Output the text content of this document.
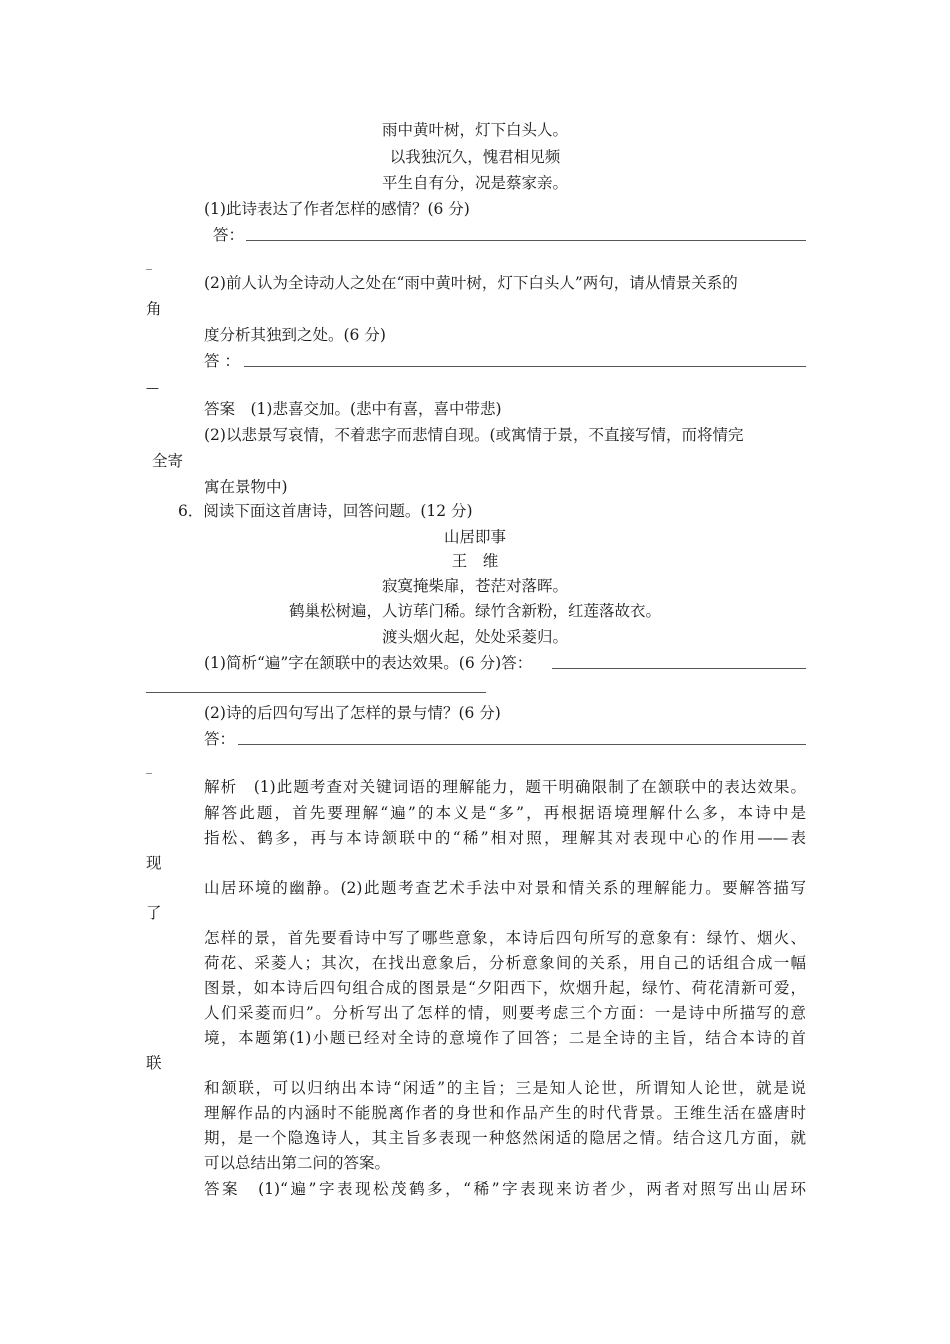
雨中黄叶树，灯下白头人。
以我独沉久，愧君相见频
平生自有分，况是蔡家亲。
(1)此诗表达了作者怎样的感情？(6 分)
答：
_
(2)前人认为全诗动人之处在“雨中黄叶树，灯下白头人”两句，请从情景关系的
角
度分析其独到之处。(6 分)
答 ：
—
答案　(1)悲喜交加。(悲中有喜，喜中带悲)
(2)以悲景写哀情，不着悲字而悲情自现。(或寓情于景，不直接写情，而将情完
全寄
寓在景物中)
6．阅读下面这首唐诗，回答问题。(12 分)
山居即事
王　维
寂寞掩柴扉，苍茫对落晖。
鹤巢松树遍，人访荜门稀。绿竹含新粉，红莲落故衣。
渡头烟火起，处处采菱归。
(1)简析“遍”字在颔联中的表达效果。(6 分)答：
(2)诗的后四句写出了怎样的景与情？(6 分)
答：
_
解析　(1)此题考查对关键词语的理解能力，题干明确限制了在颔联中的表达效果。
解答此题，首先要理解“遍”的本义是“多”，再根据语境理解什么多，本诗中是
指松、鹤多，再与本诗颔联中的“稀”相对照，理解其对表现中心的作用——表
现
山居环境的幽静。(2)此题考查艺术手法中对景和情关系的理解能力。要解答描写
了
怎样的景，首先要看诗中写了哪些意象，本诗后四句所写的意象有：绿竹、烟火、
荷花、采菱人；其次，在找出意象后，分析意象间的关系，用自己的话组合成一幅
图景，如本诗后四句组合成的图景是“夕阳西下，炊烟升起，绿竹、荷花清新可爱，
人们采菱而归”。分析写出了怎样的情，则要考虑三个方面：一是诗中所描写的意
境，本题第(1)小题已经对全诗的意境作了回答；二是全诗的主旨，结合本诗的首
联
和颔联，可以归纳出本诗“闲适”的主旨；三是知人论世，所谓知人论世，就是说
理解作品的内涵时不能脱离作者的身世和作品产生的时代背景。王维生活在盛唐时
期，是一个隐逸诗人，其主旨多表现一种悠然闲适的隐居之情。结合这几方面，就
可以总结出第二问的答案。
答案　(1)“遍”字表现松茂鹤多，“稀”字表现来访者少，两者对照写出山居环
